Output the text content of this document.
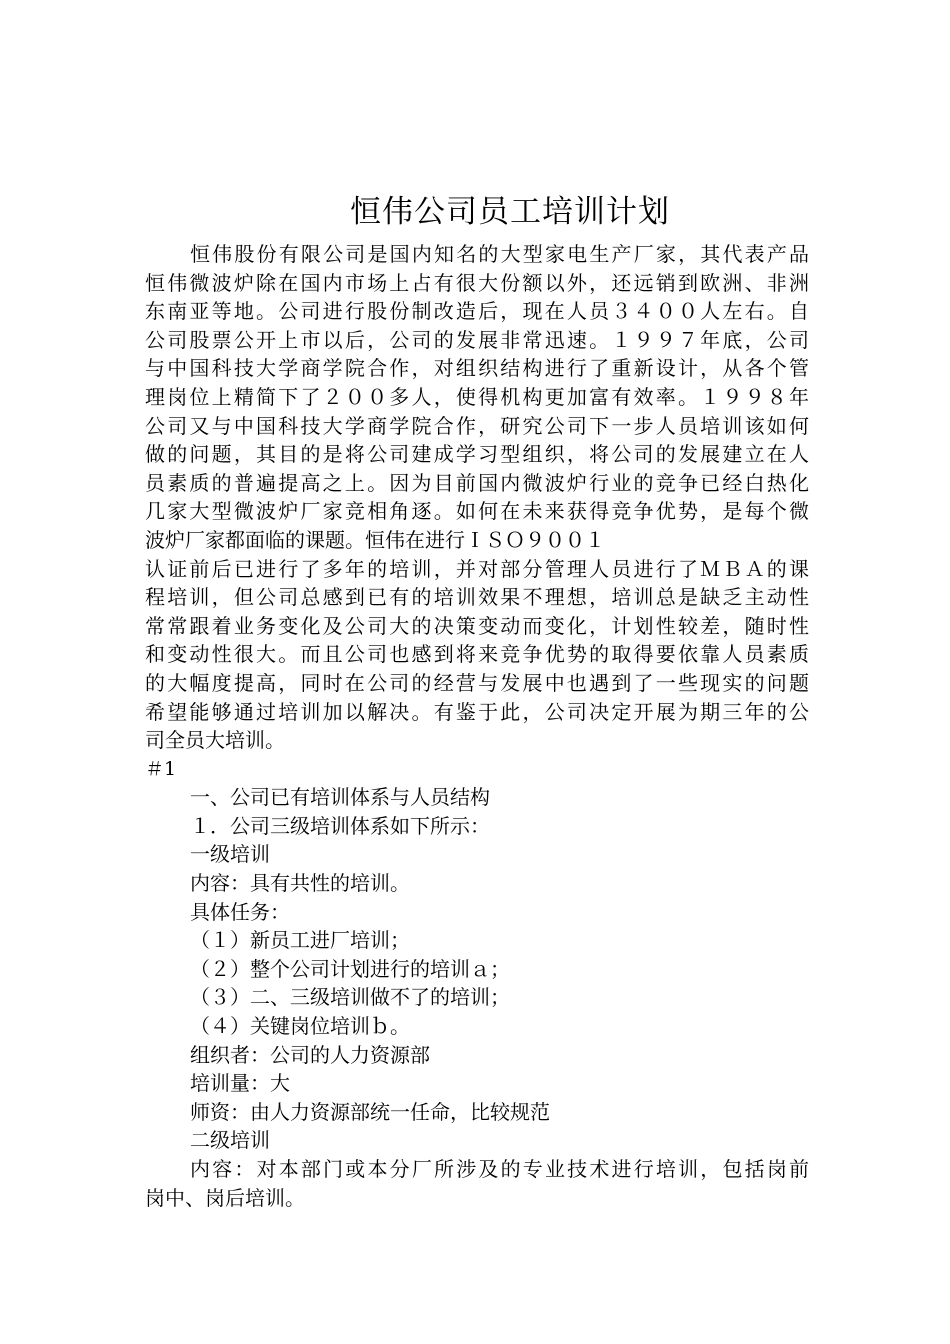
恒伟公司员工培训计划
恒伟股份有限公司是国内知名的大型家电生产厂家，其代表产品
恒伟微波炉除在国内市场上占有很大份额以外，还远销到欧洲、非洲
东南亚等地。公司进行股份制改造后，现在人员３４００人左右。自
公司股票公开上市以后，公司的发展非常迅速。１９９７年底，公司
与中国科技大学商学院合作，对组织结构进行了重新设计，从各个管
理岗位上精简下了２００多人，使得机构更加富有效率。１９９８年
公司又与中国科技大学商学院合作，研究公司下一步人员培训该如何
做的问题，其目的是将公司建成学习型组织，将公司的发展建立在人
员素质的普遍提高之上。因为目前国内微波炉行业的竞争已经白热化
几家大型微波炉厂家竞相角逐。如何在未来获得竞争优势，是每个微
波炉厂家都面临的课题。恒伟在进行ＩＳＯ９００１
认证前后已进行了多年的培训，并对部分管理人员进行了ＭＢＡ的课
程培训，但公司总感到已有的培训效果不理想，培训总是缺乏主动性
常常跟着业务变化及公司大的决策变动而变化，计划性较差，随时性
和变动性很大。而且公司也感到将来竞争优势的取得要依靠人员素质
的大幅度提高，同时在公司的经营与发展中也遇到了一些现实的问题
希望能够通过培训加以解决。有鉴于此，公司决定开展为期三年的公
司全员大培训。
＃1
一、公司已有培训体系与人员结构
１．公司三级培训体系如下所示：
一级培训
内容：具有共性的培训。
具体任务：
（１）新员工进厂培训；
（２）整个公司计划进行的培训ａ；
（３）二、三级培训做不了的培训；
（４）关键岗位培训ｂ。
组织者：公司的人力资源部
培训量：大
师资：由人力资源部统一任命，比较规范
二级培训
内容：对本部门或本分厂所涉及的专业技术进行培训，包括岗前
岗中、岗后培训。
